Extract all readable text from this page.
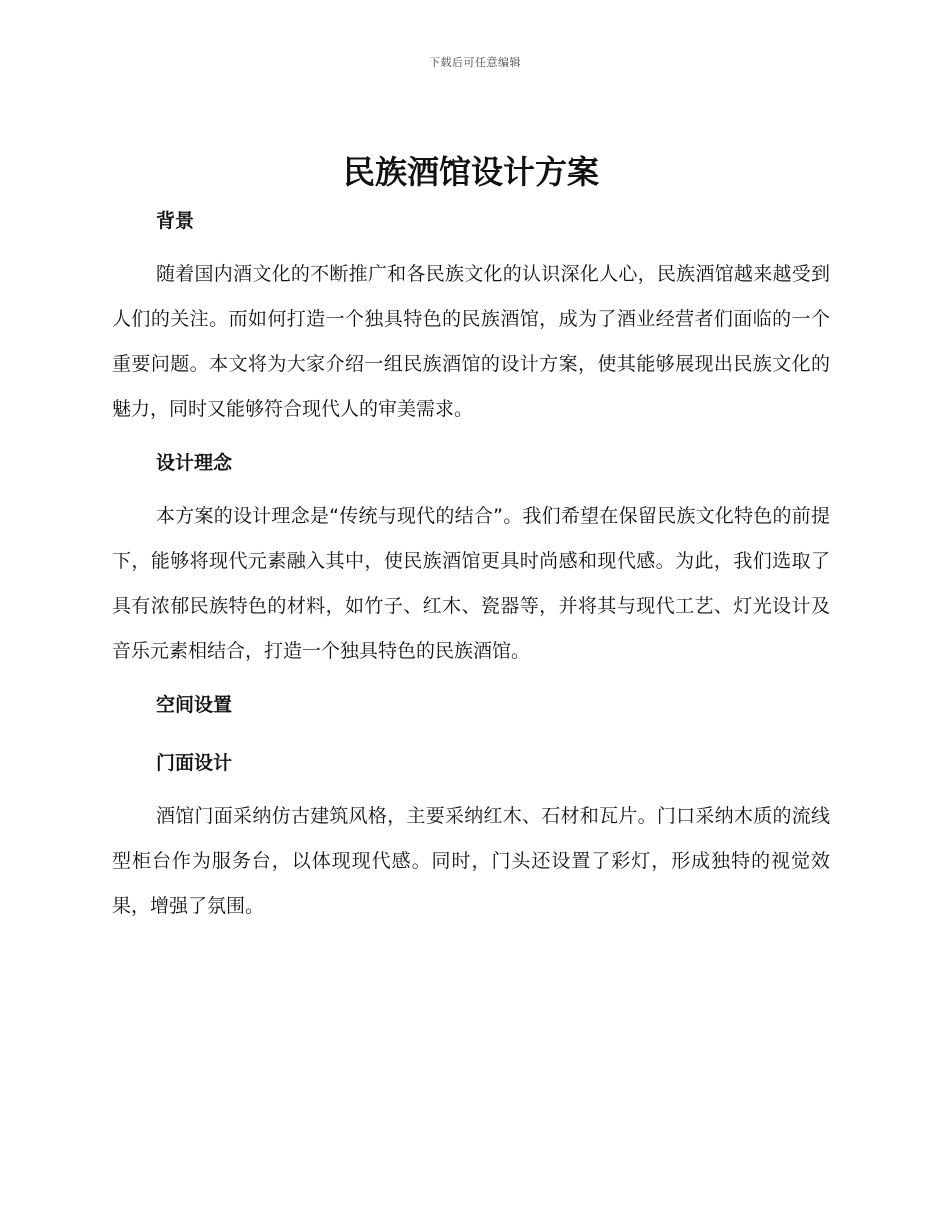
下载后可任意编辑
民族酒馆设计方案
背景

随着国内酒文化的不断推广和各民族文化的认识深化人心，民族酒馆越来越受到人们的关注。而如何打造一个独具特色的民族酒馆，成为了酒业经营者们面临的一个重要问题。本文将为大家介绍一组民族酒馆的设计方案，使其能够展现出民族文化的魅力，同时又能够符合现代人的审美需求。

设计理念

本方案的设计理念是“传统与现代的结合”。我们希望在保留民族文化特色的前提下，能够将现代元素融入其中，使民族酒馆更具时尚感和现代感。为此，我们选取了具有浓郁民族特色的材料，如竹子、红木、瓷器等，并将其与现代工艺、灯光设计及音乐元素相结合，打造一个独具特色的民族酒馆。

空间设置
门面设计

酒馆门面采纳仿古建筑风格，主要采纳红木、石材和瓦片。门口采纳木质的流线型柜台作为服务台，以体现现代感。同时，门头还设置了彩灯，形成独特的视觉效果，增强了氛围。
